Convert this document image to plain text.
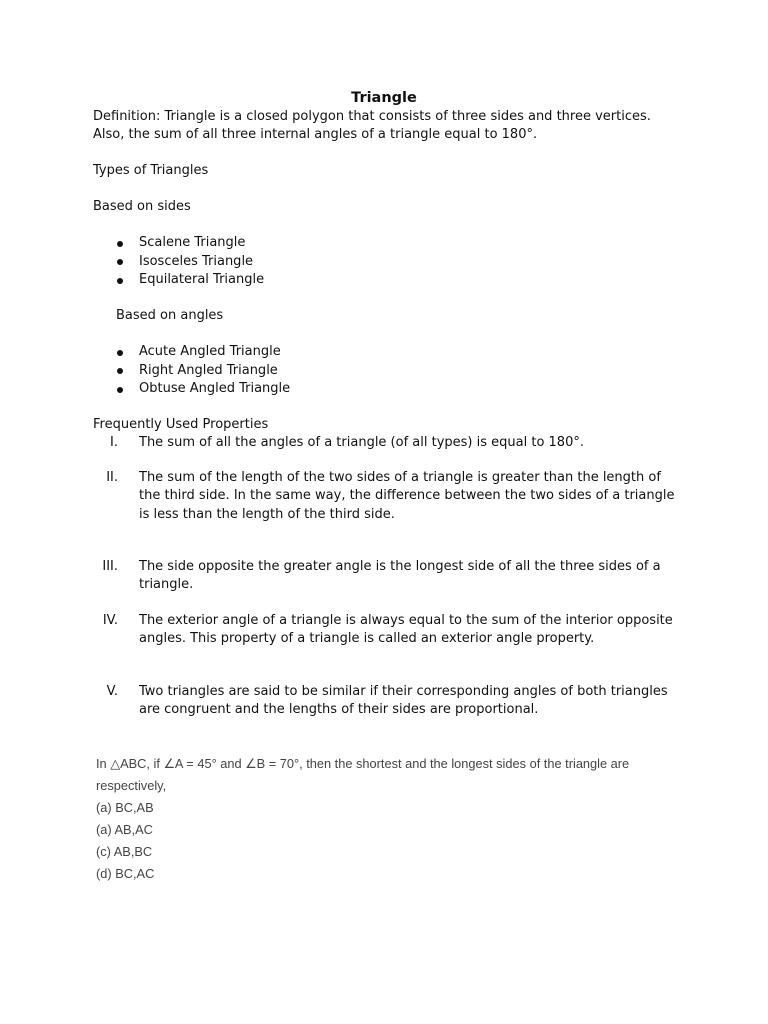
Triangle
Definition: Triangle is a closed polygon that consists of three sides and three vertices. Also, the sum of all three internal angles of a triangle equal to 180°.
Types of Triangles
Based on sides
Scalene Triangle
Isosceles Triangle
Equilateral Triangle
Based on angles
Acute Angled Triangle
Right Angled Triangle
Obtuse Angled Triangle
Frequently Used Properties
I. The sum of all the angles of a triangle (of all types) is equal to 180°.
II. The sum of the length of the two sides of a triangle is greater than the length of the third side. In the same way, the difference between the two sides of a triangle is less than the length of the third side.
III. The side opposite the greater angle is the longest side of all the three sides of a triangle.
IV. The exterior angle of a triangle is always equal to the sum of the interior opposite angles. This property of a triangle is called an exterior angle property.
V. Two triangles are said to be similar if their corresponding angles of both triangles are congruent and the lengths of their sides are proportional.
In △ABC, if ∠A = 45° and ∠B = 70°, then the shortest and the longest sides of the triangle are respectively,
(a) BC,AB
(a) AB,AC
(c) AB,BC
(d) BC,AC
